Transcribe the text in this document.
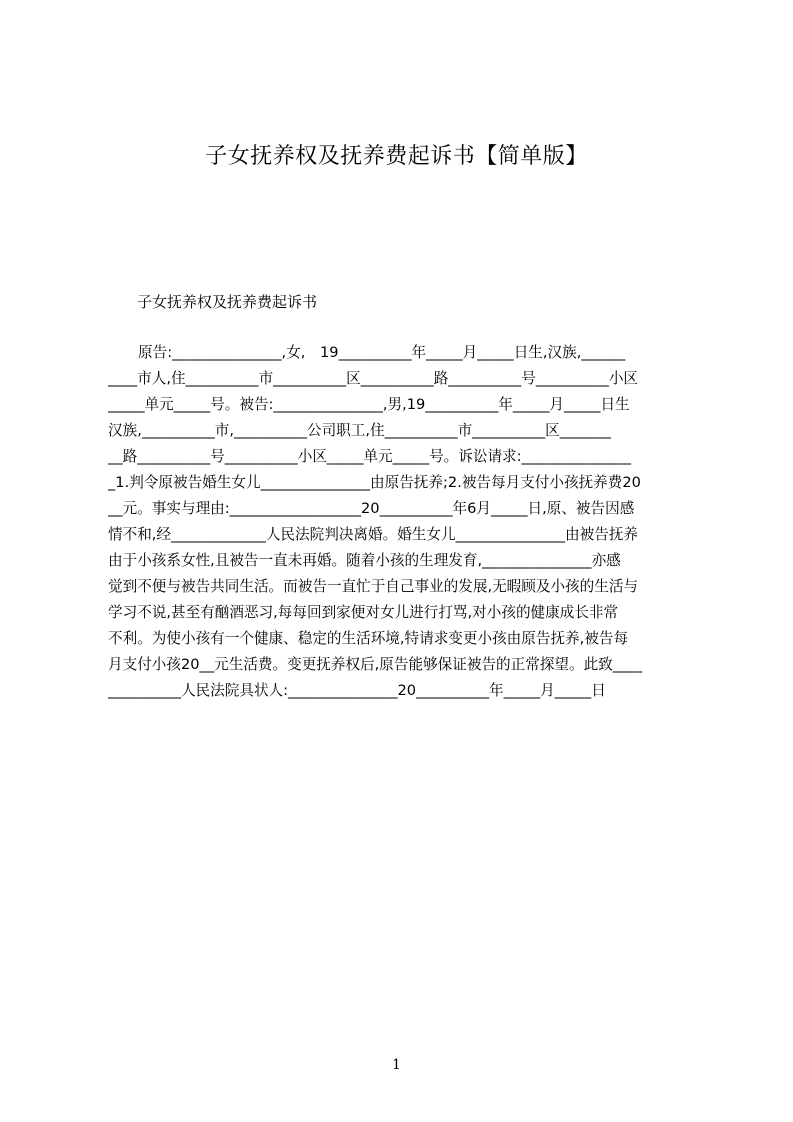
子女抚养权及抚养费起诉书【简单版】

子女抚养权及抚养费起诉书

原告:_______________,女,　19__________年_____月_____日生,汉族,______

____市人,住__________市__________区__________路__________号__________小区

_____单元_____号。被告:_______________,男,19__________年_____月_____日生

汉族,__________市,__________公司职工,住__________市__________区_______

__路__________号__________小区_____单元_____号。诉讼请求:_______________

_1.判令原被告婚生女儿_______________由原告抚养;2.被告每月支付小孩抚养费20

__元。事实与理由:__________________20__________年6月_____日,原、被告因感

情不和,经_____________人民法院判决离婚。婚生女儿_______________由被告抚养

由于小孩系女性,且被告一直未再婚。随着小孩的生理发育,_______________亦感

觉到不便与被告共同生活。而被告一直忙于自己事业的发展,无暇顾及小孩的生活与

学习不说,甚至有酗酒恶习,每每回到家便对女儿进行打骂,对小孩的健康成长非常

不利。为使小孩有一个健康、稳定的生活环境,特请求变更小孩由原告抚养,被告每

月支付小孩20__元生活费。变更抚养权后,原告能够保证被告的正常探望。此致____

__________人民法院具状人:_______________20__________年_____月_____日

1
